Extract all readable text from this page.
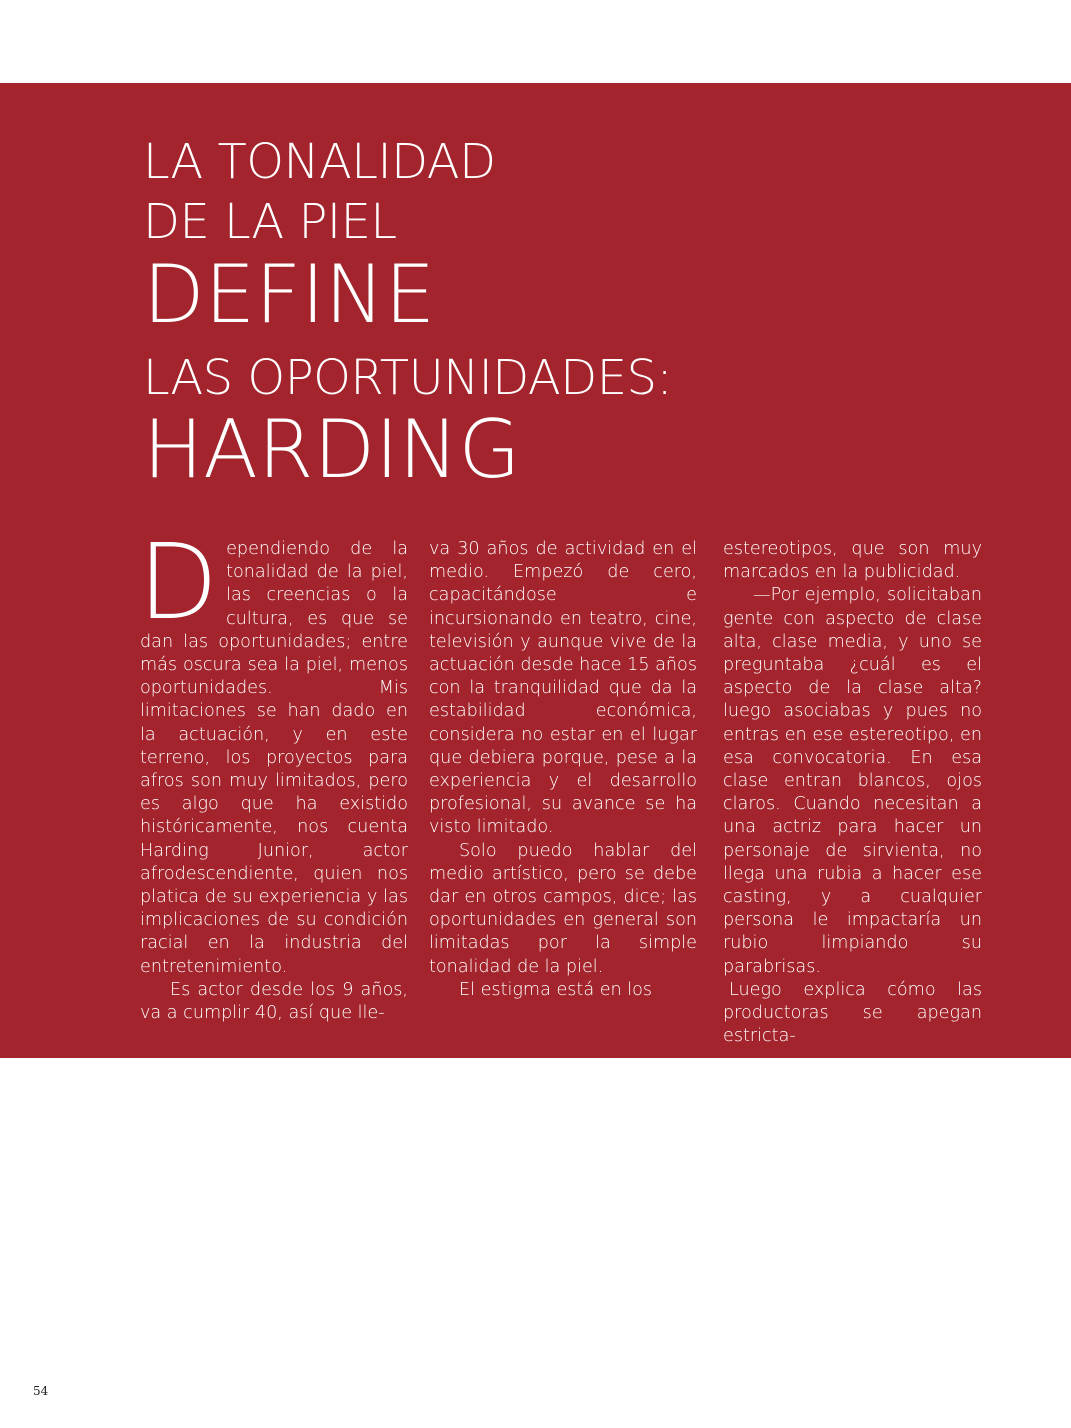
LA TONALIDAD
DE LA PIEL
DEFINE
LAS OPORTUNIDADES:
HARDING

Dependiendo de la tonalidad de la piel, las creencias o la cultura, es que se dan las oportunidades; entre más oscura sea la piel, menos oportunidades. Mis limitaciones se han dado en la actuación, y en este terreno, los proyectos para afros son muy limitados, pero es algo que ha existido históricamente, nos cuenta Harding Junior, actor afrodescendiente, quien nos platica de su experiencia y las implicaciones de su condición racial en la industria del entretenimiento.

Es actor desde los 9 años, va a cumplir 40, así que lle-

va 30 años de actividad en el medio. Empezó de cero, capacitándose e incursionando en teatro, cine, televisión y aunque vive de la actuación desde hace 15 años con la tranquilidad que da la estabilidad económica, considera no estar en el lugar que debiera porque, pese a la experiencia y el desarrollo profesional, su avance se ha visto limitado.

Solo puedo hablar del medio artístico, pero se debe dar en otros campos, dice; las oportunidades en general son limitadas por la simple tonalidad de la piel.

El estigma está en los

estereotipos, que son muy marcados en la publicidad.

—Por ejemplo, solicitaban gente con aspecto de clase alta, clase media, y uno se preguntaba ¿cuál es el aspecto de la clase alta? luego asociabas y pues no entras en ese estereotipo, en esa convocatoria. En esa clase entran blancos, ojos claros. Cuando necesitan a una actriz para hacer un personaje de sirvienta, no llega una rubia a hacer ese casting, y a cualquier persona le impactaría un rubio limpiando su parabrisas.

Luego explica cómo las productoras se apegan estricta-

54
